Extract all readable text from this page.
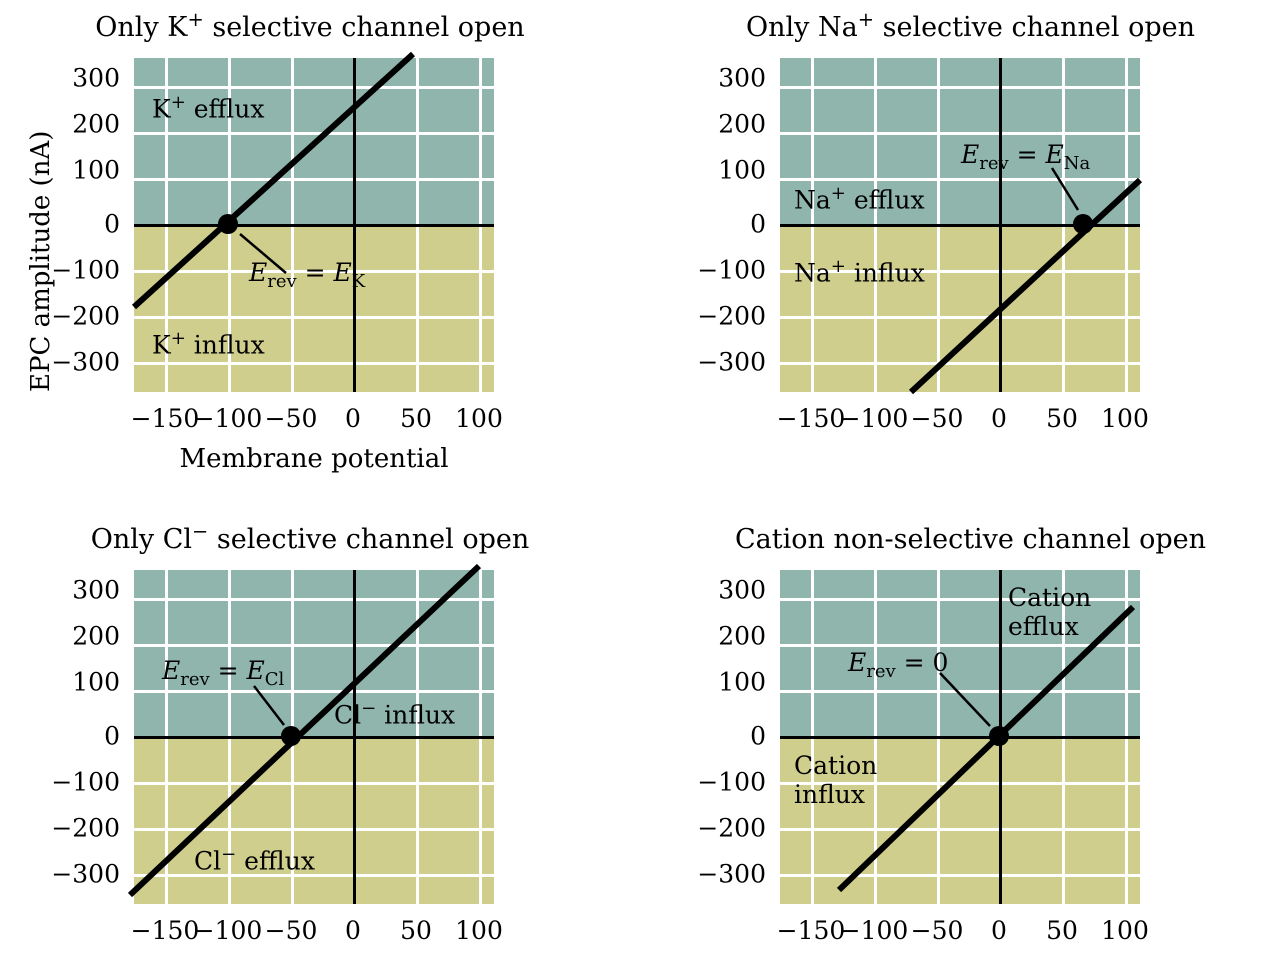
Only K+ selective channel open
EPC amplitude (nA)
K+ efflux
K+ influx
$E_{rev} = E_K$
300
200
100
0
−100
−200
−300
−150
−100 −50 0 50 100
Membrane potential
Only Na+ selective channel open
Na+ efflux
Na+ influx
$E_{rev} = E_{Na}$
300
200
100
0
−100
−200
−300
−150
−100 −50 0 50 100
Only Cl− selective channel open
Cl− influx
Cl− efflux
$E_{rev} = E_{Cl}$
300
200
100
0
−100
−200
−300
−150
−100 −50 0 50 100
Cation non-selective channel open
Cation
efflux
Cation
influx
$E_{rev} = 0$
300
200
100
0
−100
−200
−300
−150
−100 −50 0 50 100
